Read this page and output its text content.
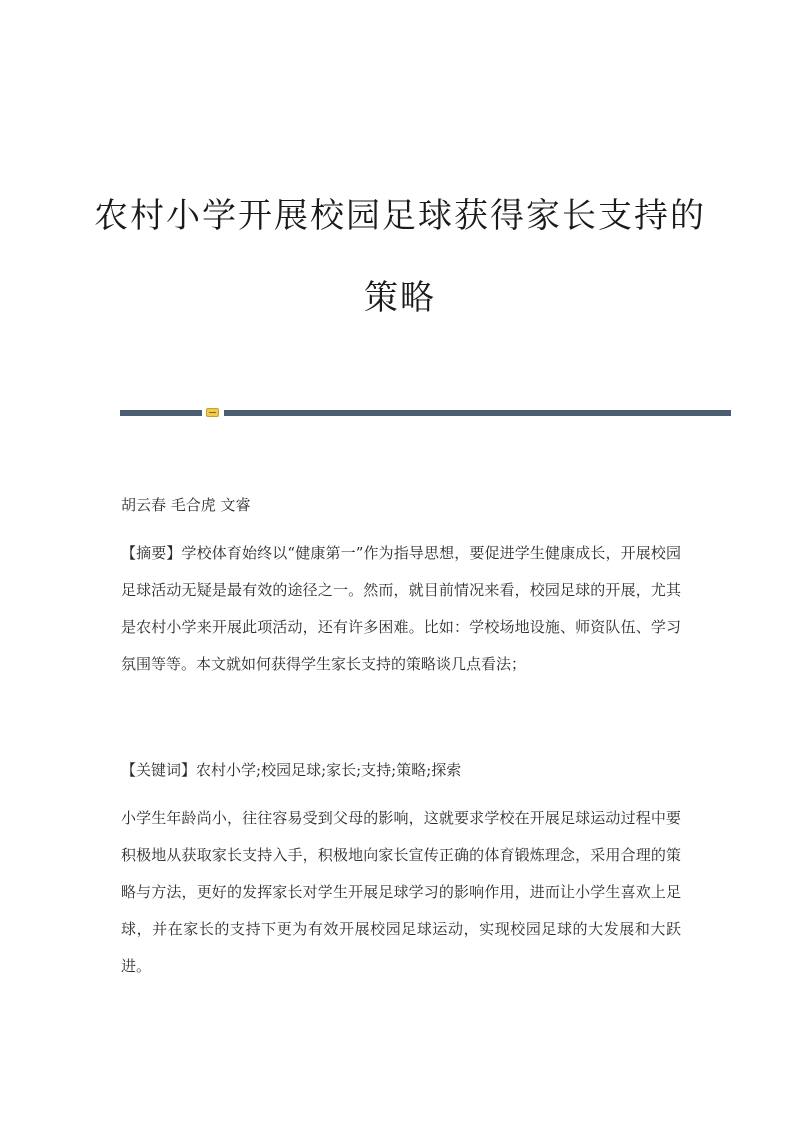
农村小学开展校园足球获得家长支持的
策略
胡云春 毛合虎 文睿

【摘要】学校体育始终以“健康第一”作为指导思想，要促进学生健康成长，开展校园足球活动无疑是最有效的途径之一。然而，就目前情况来看，校园足球的开展，尤其是农村小学来开展此项活动，还有许多困难。比如：学校场地设施、师资队伍、学习氛围等等。本文就如何获得学生家长支持的策略谈几点看法；

【关键词】农村小学;校园足球;家长;支持;策略;探索

小学生年龄尚小，往往容易受到父母的影响，这就要求学校在开展足球运动过程中要积极地从获取家长支持入手，积极地向家长宣传正确的体育锻炼理念，采用合理的策略与方法，更好的发挥家长对学生开展足球学习的影响作用，进而让小学生喜欢上足球，并在家长的支持下更为有效开展校园足球运动，实现校园足球的大发展和大跃进。
